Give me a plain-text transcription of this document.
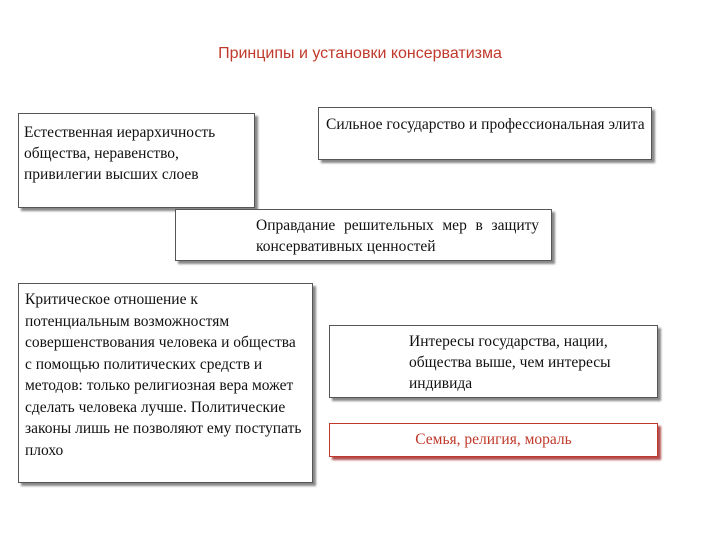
Принципы и установки консерватизма
Естественная иерархичность общества, неравенство, привилегии высших слоев
Сильное государство и профессиональная элита
Оправдание решительных мер в защиту консервативных ценностей
Критическое отношение к потенциальным возможностям совершенствования человека и общества с помощью политических средств и методов: только религиозная вера может сделать человека лучше. Политические законы лишь не позволяют ему поступать плохо
Интересы государства, нации, общества выше, чем интересы индивида
Семья, религия, мораль
